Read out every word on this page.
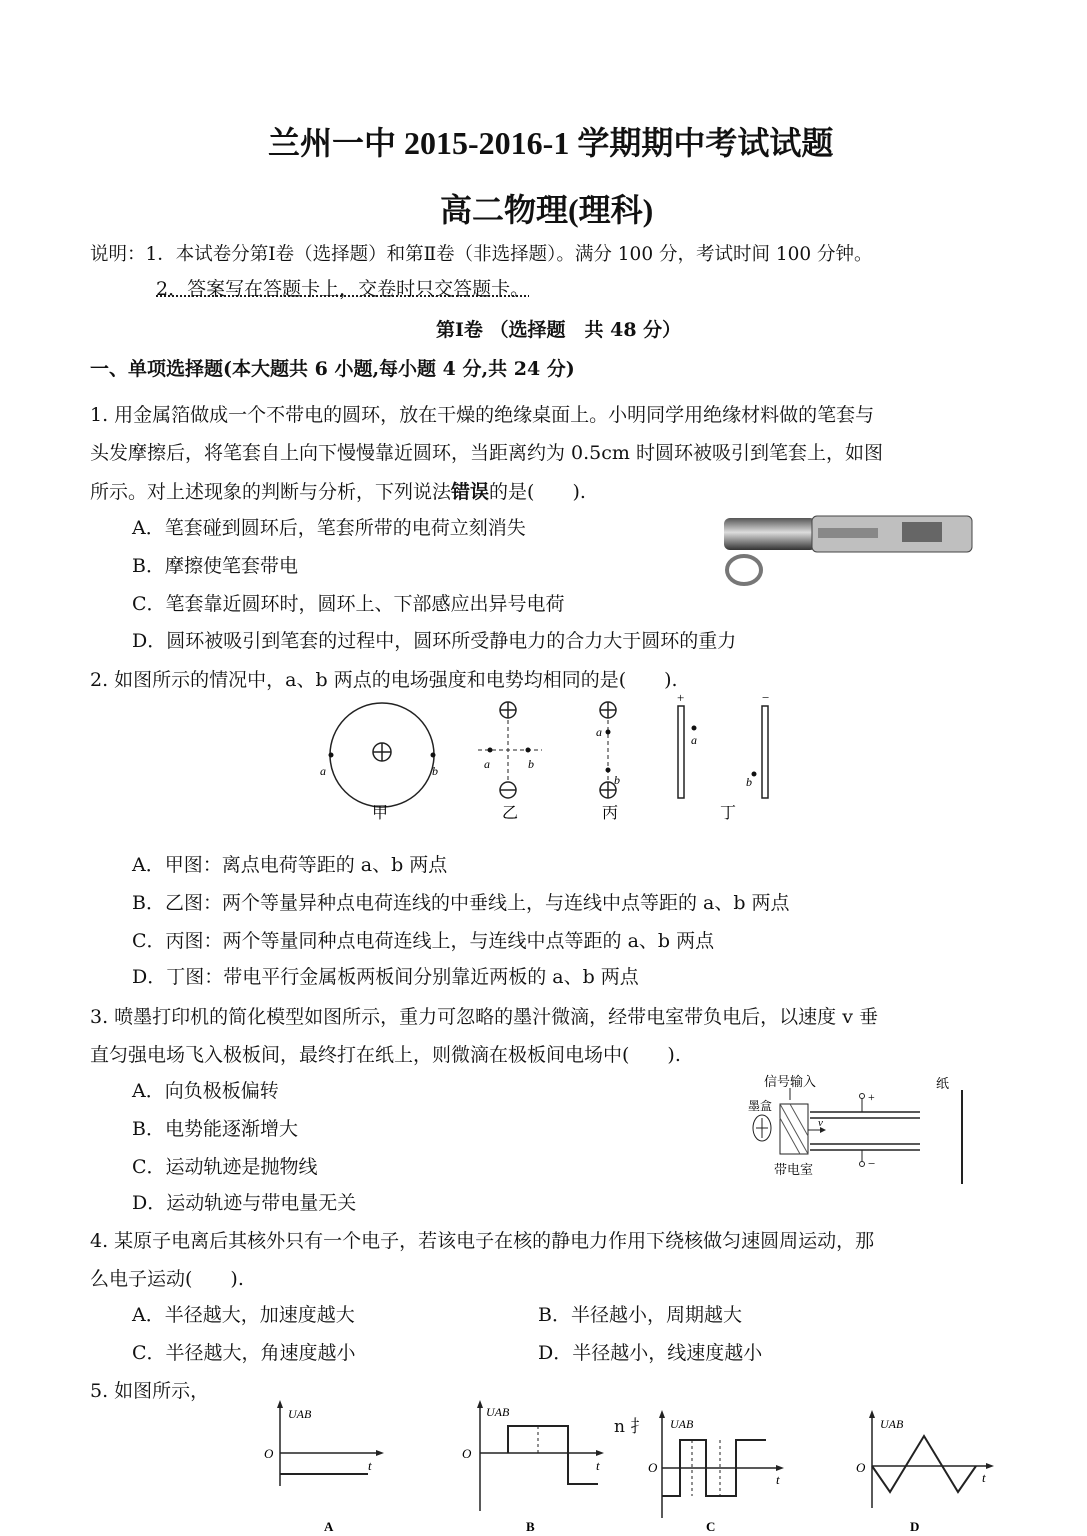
兰州一中 2015-2016-1 学期期中考试试题
高二物理(理科)
说明：1．本试卷分第Ⅰ卷（选择题）和第Ⅱ卷（非选择题）。满分 100 分，考试时间 100 分钟。
2．答案写在答题卡上，交卷时只交答题卡。
第Ⅰ卷 （选择题　共 48 分）
一、单项选择题(本大题共 6 小题,每小题 4 分,共 24 分)
1. 用金属箔做成一个不带电的圆环，放在干燥的绝缘桌面上。小明同学用绝缘材料做的笔套与
头发摩擦后，将笔套自上向下慢慢靠近圆环，当距离约为 0.5cm 时圆环被吸引到笔套上，如图
所示。对上述现象的判断与分析，下列说法错误的是(　　).
A．笔套碰到圆环后，笔套所带的电荷立刻消失
B．摩擦使笔套带电
C．笔套靠近圆环时，圆环上、下部感应出异号电荷
D．圆环被吸引到笔套的过程中，圆环所受静电力的合力大于圆环的重力
2. 如图所示的情况中，a、b 两点的电场强度和电势均相同的是(　　).
a	b
甲
a	b
乙
a
b
丙
+	−
a
b
丁
A．甲图：离点电荷等距的 a、b 两点
B．乙图：两个等量异种点电荷连线的中垂线上，与连线中点等距的 a、b 两点
C．丙图：两个等量同种点电荷连线上，与连线中点等距的 a、b 两点
D．丁图：带电平行金属板两板间分别靠近两板的 a、b 两点
3. 喷墨打印机的简化模型如图所示，重力可忽略的墨汁微滴，经带电室带负电后，以速度 v 垂
直匀强电场飞入极板间，最终打在纸上，则微滴在极板间电场中(　　).
A．向负极板偏转
B．电势能逐渐增大
C．运动轨迹是抛物线
D．运动轨迹与带电量无关
信号输入	纸
墨盒
+
−
v
带电室
4. 某原子电离后其核外只有一个电子，若该电子在核的静电力作用下绕核做匀速圆周运动，那
么电子运动(　　).
A．半径越大，加速度越大	B．半径越小，周期越大
C．半径越大，角速度越小	D．半径越小，线速度越小
5. 如图所示，
n 扌
UAB
O
t
A
UAB
O
t
B
UAB
O
t
C
UAB
O
t
D
